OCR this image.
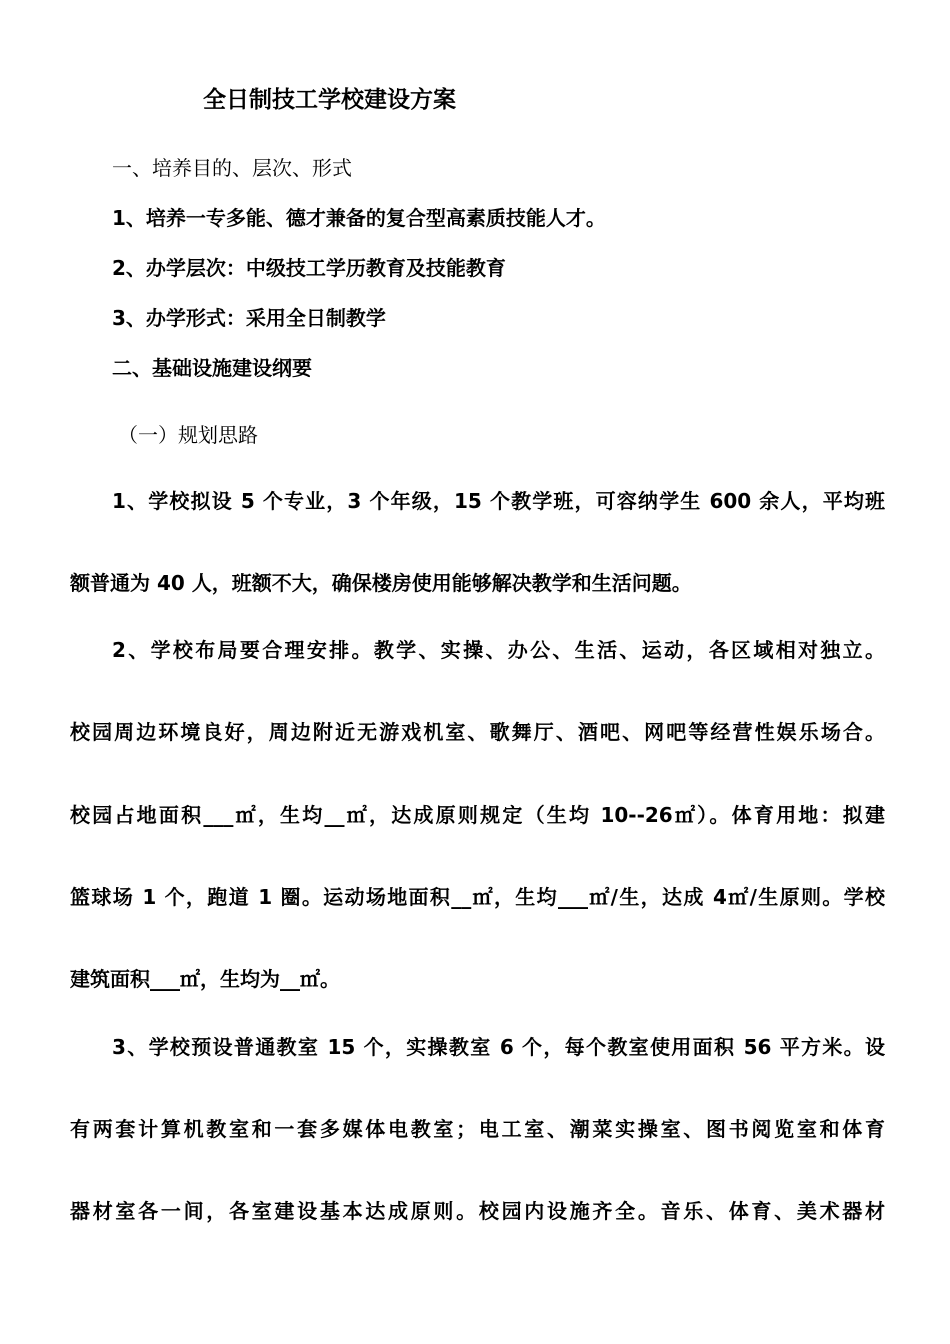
全日制技工学校建设方案
一、培养目的、层次、形式
1、培养一专多能、德才兼备的复合型高素质技能人才。
2、办学层次：中级技工学历教育及技能教育
3、办学形式：采用全日制教学
二、基础设施建设纲要
（一）规划思路
1、学校拟设 5 个专业，3 个年级，15 个教学班，可容纳学生 600 余人，平均班
额普通为 40 人，班额不大，确保楼房使用能够解决教学和生活问题。
2、学校布局要合理安排。教学、实操、办公、生活、运动，各区域相对独立。
校园周边环境良好，周边附近无游戏机室、歌舞厅、酒吧、网吧等经营性娱乐场合。
校园占地面积___㎡，生均__㎡，达成原则规定（生均 10--26㎡）。体育用地：拟建
篮球场 1 个，跑道 1 圈。运动场地面积__㎡，生均___㎡/生，达成 4㎡/生原则。学校
建筑面积___㎡，生均为__㎡。
3、学校预设普通教室 15 个，实操教室 6 个，每个教室使用面积 56 平方米。设
有两套计算机教室和一套多媒体电教室；电工室、潮菜实操室、图书阅览室和体育
器材室各一间，各室建设基本达成原则。校园内设施齐全。音乐、体育、美术器材
